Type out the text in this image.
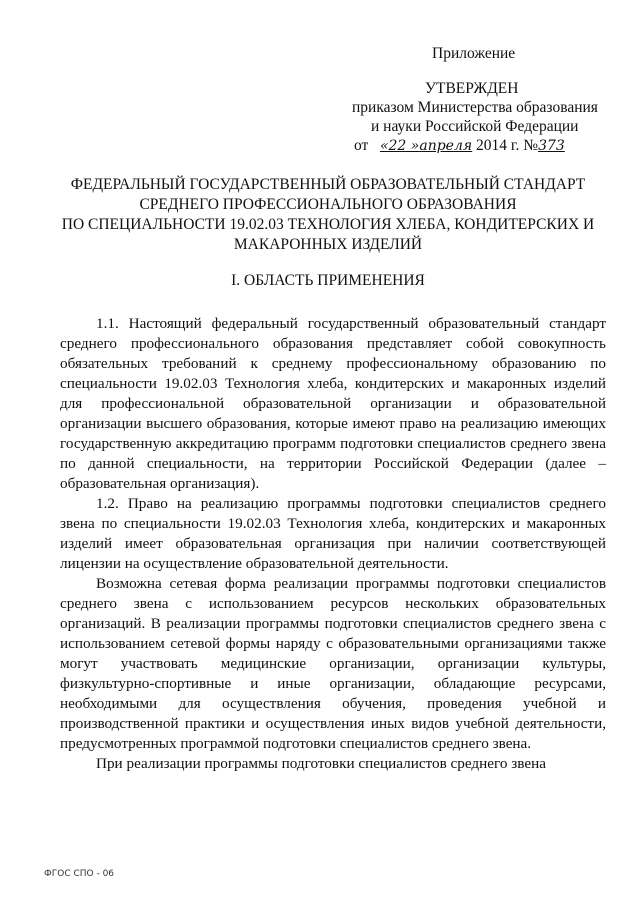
Приложение
УТВЕРЖДЕН
приказом Министерства образования
и науки Российской Федерации
от «22 »апреля 2014 г. №373
ФЕДЕРАЛЬНЫЙ ГОСУДАРСТВЕННЫЙ ОБРАЗОВАТЕЛЬНЫЙ СТАНДАРТ
СРЕДНЕГО ПРОФЕССИОНАЛЬНОГО ОБРАЗОВАНИЯ
ПО СПЕЦИАЛЬНОСТИ 19.02.03 ТЕХНОЛОГИЯ ХЛЕБА, КОНДИТЕРСКИХ И
МАКАРОННЫХ ИЗДЕЛИЙ
I. ОБЛАСТЬ ПРИМЕНЕНИЯ

1.1. Настоящий федеральный государственный образовательный стандарт среднего профессионального образования представляет собой совокупность обязательных требований к среднему профессиональному образованию по специальности 19.02.03 Технология хлеба, кондитерских и макаронных изделий для профессиональной образовательной организации и образовательной организации высшего образования, которые имеют право на реализацию имеющих государственную аккредитацию программ подготовки специалистов среднего звена по данной специальности, на территории Российской Федерации (далее – образовательная организация).

1.2. Право на реализацию программы подготовки специалистов среднего звена по специальности 19.02.03 Технология хлеба, кондитерских и макаронных изделий имеет образовательная организация при наличии соответствующей лицензии на осуществление образовательной деятельности.

Возможна сетевая форма реализации программы подготовки специалистов среднего звена с использованием ресурсов нескольких образовательных организаций. В реализации программы подготовки специалистов среднего звена с использованием сетевой формы наряду с образовательными организациями также могут участвовать медицинские организации, организации культуры, физкультурно-спортивные и иные организации, обладающие ресурсами, необходимыми для осуществления обучения, проведения учебной и производственной практики и осуществления иных видов учебной деятельности, предусмотренных программой подготовки специалистов среднего звена.

При реализации программы подготовки специалистов среднего звена

ФГОС СПО - 06
